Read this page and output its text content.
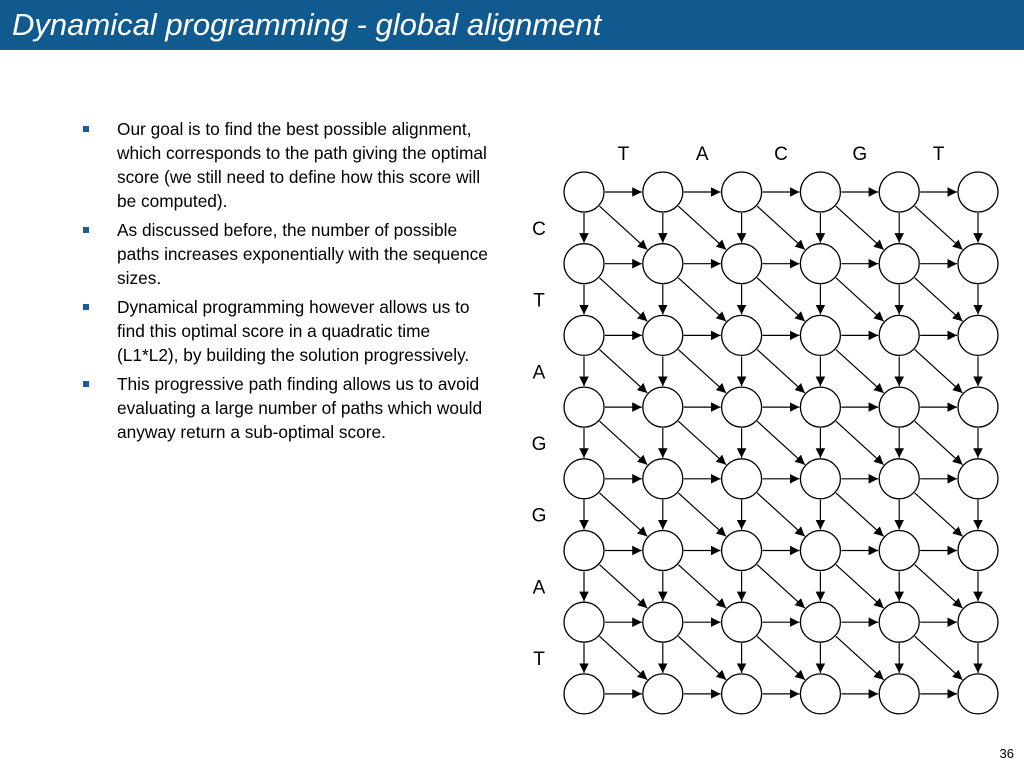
Dynamical programming - global alignment
Our goal is to find the best possible alignment, which corresponds to the path giving the optimal score (we still need to define how this score will be computed).
As discussed before, the number of possible paths increases exponentially with the sequence sizes.
Dynamical programming however allows us to find this optimal score in a quadratic time (L1*L2), by building the solution progressively.
This progressive path finding allows us to avoid evaluating a large number of paths which would anyway return a sub-optimal score.
T	A	C	G	T
C
T
A
G
G
A
T
36
